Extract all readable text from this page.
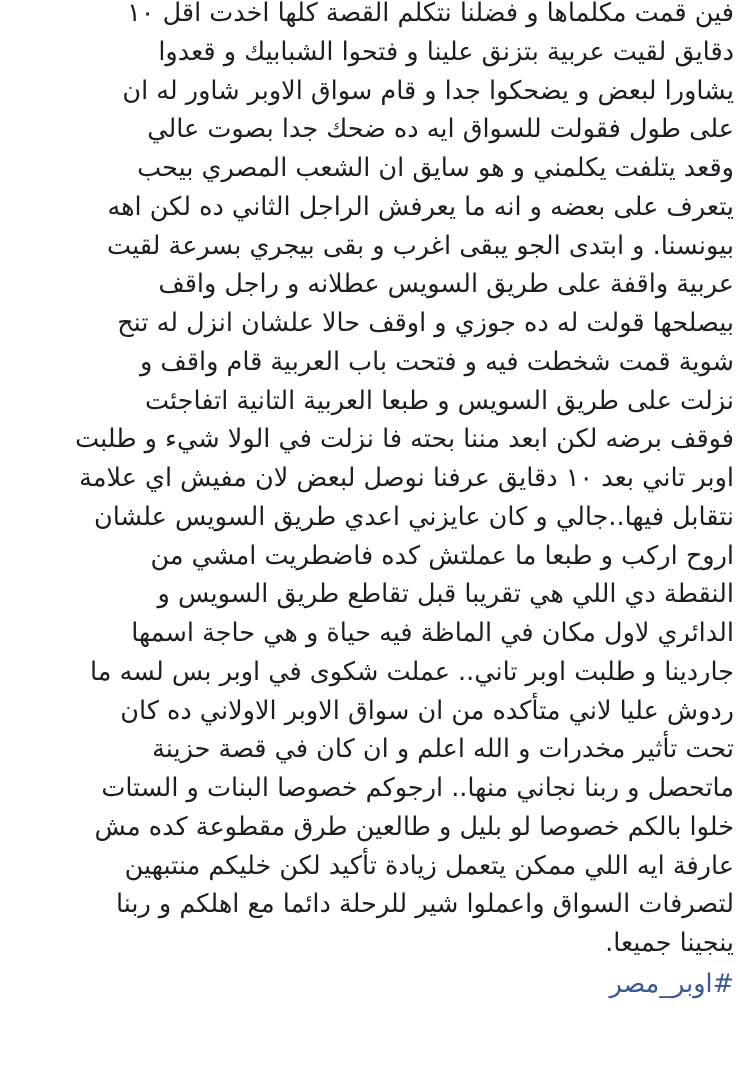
فين قمت مكلماها و فضلنا نتكلم القصة كلها اخدت اقل ١٠
دقايق لقيت عربية بتزنق علينا و فتحوا الشبابيك و قعدوا
يشاورا لبعض و يضحكوا جدا و قام سواق الاوبر شاور له ان
على طول فقولت للسواق ايه ده ضحك جدا بصوت عالي
وقعد يتلفت يكلمني و هو سايق ان الشعب المصري بيحب
يتعرف على بعضه و انه ما يعرفش الراجل الثاني ده لكن اهه
بيونسنا. و ابتدى الجو يبقى اغرب و بقى بيجري بسرعة لقيت
عربية واقفة على طريق السويس عطلانه و راجل واقف
بيصلحها قولت له ده جوزي و اوقف حالا علشان انزل له تنح
شوية قمت شخطت فيه و فتحت باب العربية قام واقف و
نزلت على طريق السويس و طبعا العربية التانية اتفاجئت
فوقف برضه لكن ابعد مننا بحته فا نزلت في الولا شيء و طلبت
اوبر تاني بعد ١٠ دقايق عرفنا نوصل لبعض لان مفيش اي علامة
نتقابل فيها..جالي و كان عايزني اعدي طريق السويس علشان
اروح اركب و طبعا ما عملتش كده فاضطريت امشي من
النقطة دي اللي هي تقريبا قبل تقاطع طريق السويس و
الدائري لاول مكان في الماظة فيه حياة و هي حاجة اسمها
جاردينا و طلبت اوبر تاني.. عملت شكوى في اوبر بس لسه ما
ردوش عليا لاني متأكده من ان سواق الاوبر الاولاني ده كان
تحت تأثير مخدرات و الله اعلم و ان كان في قصة حزينة
ماتحصل و ربنا نجاني منها.. ارجوكم خصوصا البنات و الستات
خلوا بالكم خصوصا لو بليل و طالعين طرق مقطوعة كده مش
عارفة ايه اللي ممكن يتعمل زيادة تأكيد لكن خليكم منتبهين
لتصرفات السواق واعملوا شير للرحلة دائما مع اهلكم و ربنا
ينجينا جميعا.
#اوبر_مصر
